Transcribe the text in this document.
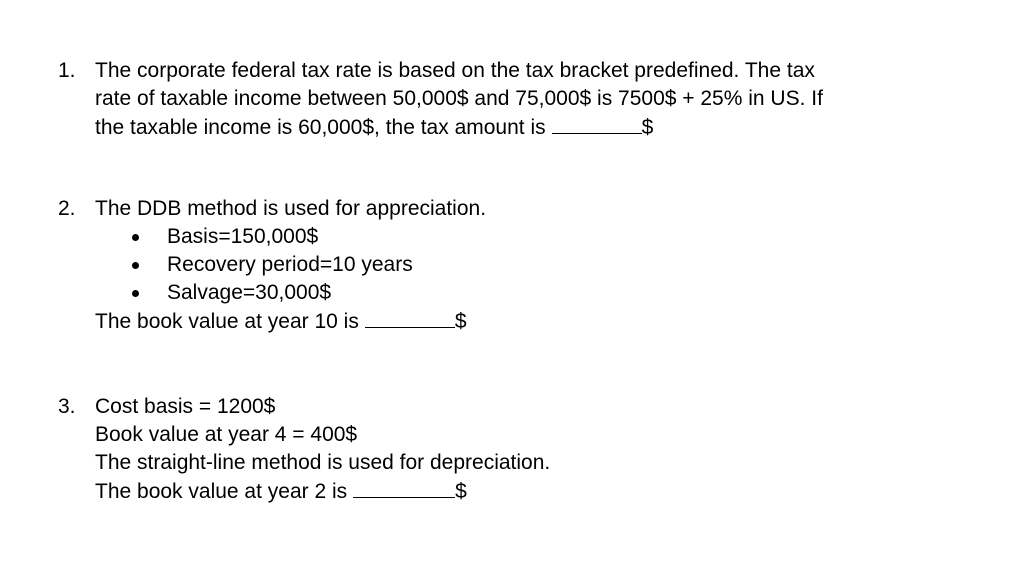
1. The corporate federal tax rate is based on the tax bracket predefined. The tax
rate of taxable income between 50,000$ and 75,000$ is 7500$ + 25% in US. If
the taxable income is 60,000$, the tax amount is	$
2. The DDB method is used for appreciation.
Basis=150,000$
Recovery period=10 years
Salvage=30,000$
The book value at year 10 is	$
3. Cost basis = 1200$
Book value at year 4 = 400$
The straight-line method is used for depreciation.
The book value at year 2 is	$
